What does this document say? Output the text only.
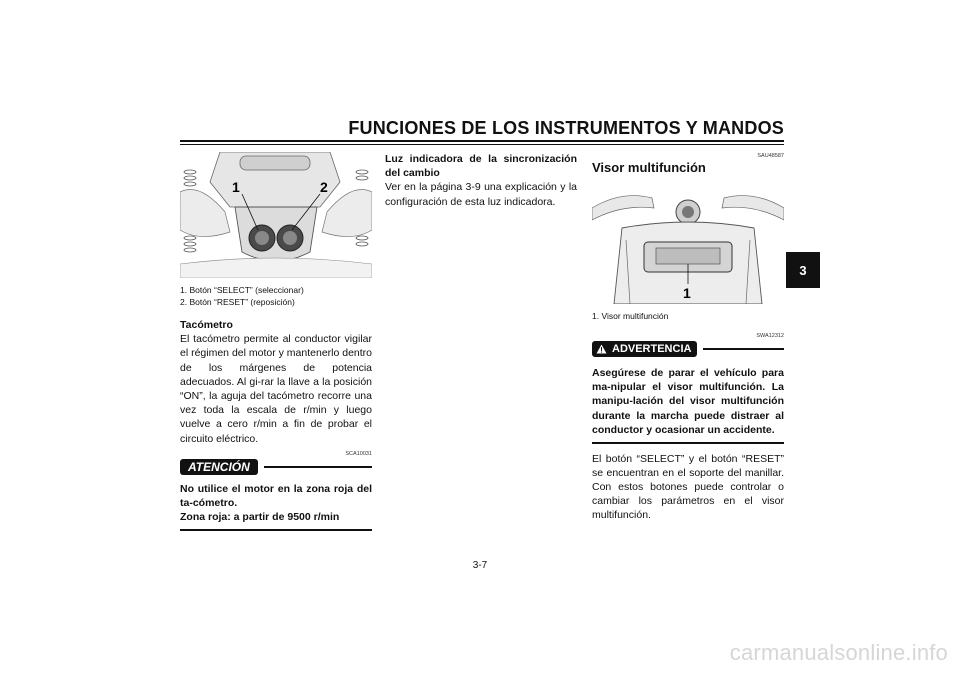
FUNCIONES DE LOS INSTRUMENTOS Y MANDOS
3
1	2
1. Botón “SELECT” (seleccionar)
2. Botón “RESET” (reposición)
Tacómetro

El tacómetro permite al conductor vigilar el régimen del motor y mantenerlo dentro de los márgenes de potencia adecuados. Al gi-rar la llave a la posición “ON”, la aguja del tacómetro recorre una vez toda la escala de r/min y luego vuelve a cero r/min a fin de probar el circuito eléctrico.

SCA10031
ATENCIÓN
No utilice el motor en la zona roja del ta-cómetro.
Zona roja: a partir de 9500 r/min
Luz indicadora de la sincronización del cambio

Ver en la página 3-9 una explicación y la configuración de esta luz indicadora.

SAU48587
Visor multifunción
1
1. Visor multifunción
SWA12312
ADVERTENCIA
Asegúrese de parar el vehículo para ma-nipular el visor multifunción. La manipu-lación del visor multifunción durante la marcha puede distraer al conductor y ocasionar un accidente.

El botón “SELECT” y el botón “RESET” se encuentran en el soporte del manillar. Con estos botones puede controlar o cambiar los parámetros en el visor multifunción.

3-7
carmanualsonline.info
